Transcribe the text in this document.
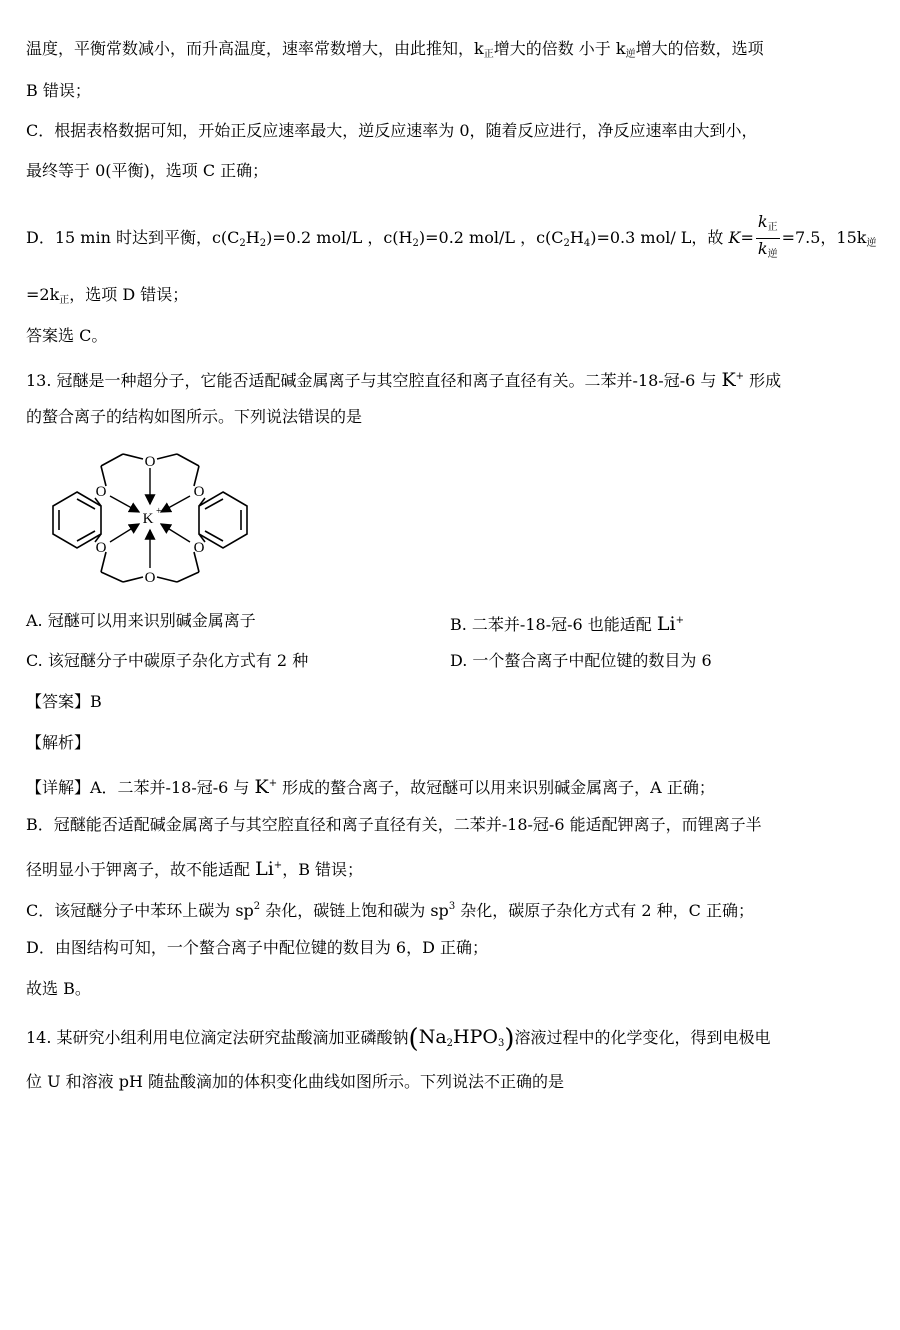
温度，平衡常数减小，而升高温度，速率常数增大，由此推知，$k_正$增大的倍数 小于 $k_逆$增大的倍数，选项
B 错误；
C．根据表格数据可知，开始正反应速率最大，逆反应速率为 0，随着反应进行，净反应速率由大到小，
最终等于 0(平衡)，选项 C 正确；
D．15 min 时达到平衡，$c(C_2H_2)=0.2$ mol/L ，$c(H_2)=0.2$ mol/L ，$c(C_2H_4)=0.3$ mol/ L，故 $K= \frac{k_正}{k_逆} =7.5$，$15k_逆$
$=2k_正$，选项 D 错误；
答案选 C。
13. 冠醚是一种超分子，它能否适配碱金属离子与其空腔直径和离子直径有关。二苯并-18-冠-6 与 K+ 形成
的螯合离子的结构如图所示。下列说法错误的是
O
O
O
O
O
O
K +
A. 冠醚可以用来识别碱金属离子	B. 二苯并-18-冠-6 也能适配 Li+
C. 该冠醚分子中碳原子杂化方式有 2 种	D. 一个螯合离子中配位键的数目为 6
【答案】B
【解析】
【详解】A．二苯并-18-冠-6 与 K+ 形成的螯合离子，故冠醚可以用来识别碱金属离子，A 正确；
B．冠醚能否适配碱金属离子与其空腔直径和离子直径有关，二苯并-18-冠-6 能适配钾离子，而锂离子半
径明显小于钾离子，故不能适配 Li+，B 错误；
C．该冠醚分子中苯环上碳为 $sp^2$ 杂化，碳链上饱和碳为 $sp^3$ 杂化，碳原子杂化方式有 2 种，C 正确；
D．由图结构可知，一个螯合离子中配位键的数目为 6，D 正确；
故选 B。
14. 某研究小组利用电位滴定法研究盐酸滴加亚磷酸钠$(Na_2HPO_3)$溶液过程中的化学变化，得到电极电
位 U 和溶液 pH 随盐酸滴加的体积变化曲线如图所示。下列说法不正确的是
